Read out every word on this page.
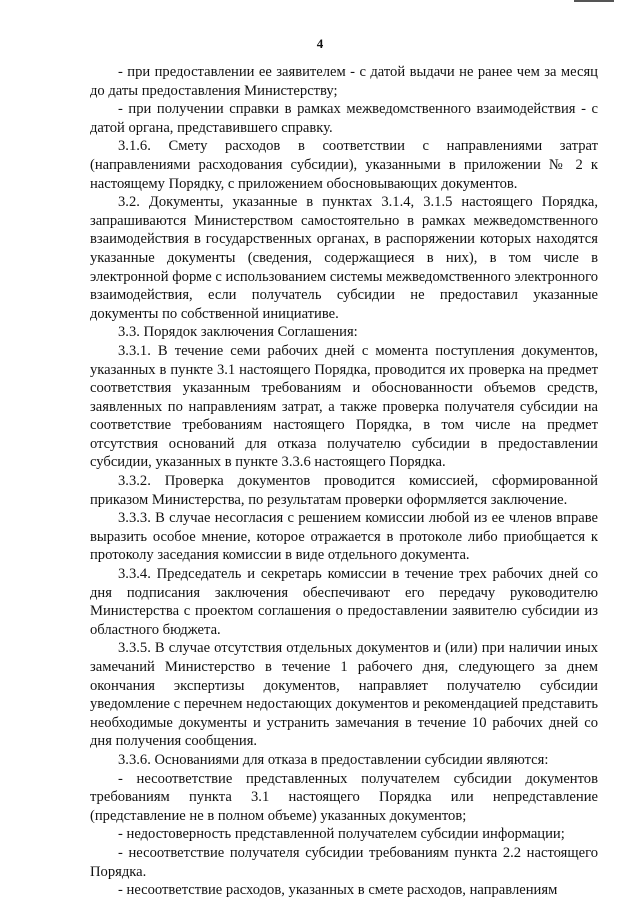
4

- при предоставлении ее заявителем - с датой выдачи не ранее чем за месяц до даты предоставления Министерству;

- при получении справки в рамках межведомственного взаимодействия - с датой органа, представившего справку.

3.1.6. Смету расходов в соответствии с направлениями затрат (направлениями расходования субсидии), указанными в приложении № 2 к настоящему Порядку, с приложением обосновывающих документов.

3.2. Документы, указанные в пунктах 3.1.4, 3.1.5 настоящего Порядка, запрашиваются Министерством самостоятельно в рамках межведомственного взаимодействия в государственных органах, в распоряжении которых находятся указанные документы (сведения, содержащиеся в них), в том числе в электронной форме с использованием системы межведомственного электронного взаимодействия, если получатель субсидии не предоставил указанные документы по собственной инициативе.

3.3. Порядок заключения Соглашения:

3.3.1. В течение семи рабочих дней с момента поступления документов, указанных в пункте 3.1 настоящего Порядка, проводится их проверка на предмет соответствия указанным требованиям и обоснованности объемов средств, заявленных по направлениям затрат, а также проверка получателя субсидии на соответствие требованиям настоящего Порядка, в том числе на предмет отсутствия оснований для отказа получателю субсидии в предоставлении субсидии, указанных в пункте 3.3.6 настоящего Порядка.

3.3.2. Проверка документов проводится комиссией, сформированной приказом Министерства, по результатам проверки оформляется заключение.

3.3.3. В случае несогласия с решением комиссии любой из ее членов вправе выразить особое мнение, которое отражается в протоколе либо приобщается к протоколу заседания комиссии в виде отдельного документа.

3.3.4. Председатель и секретарь комиссии в течение трех рабочих дней со дня подписания заключения обеспечивают его передачу руководителю Министерства с проектом соглашения о предоставлении заявителю субсидии из областного бюджета.

3.3.5. В случае отсутствия отдельных документов и (или) при наличии иных замечаний Министерство в течение 1 рабочего дня, следующего за днем окончания экспертизы документов, направляет получателю субсидии уведомление с перечнем недостающих документов и рекомендацией представить необходимые документы и устранить замечания в течение 10 рабочих дней со дня получения сообщения.

3.3.6. Основаниями для отказа в предоставлении субсидии являются:

- несоответствие представленных получателем субсидии документов требованиям пункта 3.1 настоящего Порядка или непредставление (представление не в полном объеме) указанных документов;

- недостоверность представленной получателем субсидии информации;

- несоответствие получателя субсидии требованиям пункта 2.2 настоящего Порядка.

- несоответствие расходов, указанных в смете расходов, направлениям
